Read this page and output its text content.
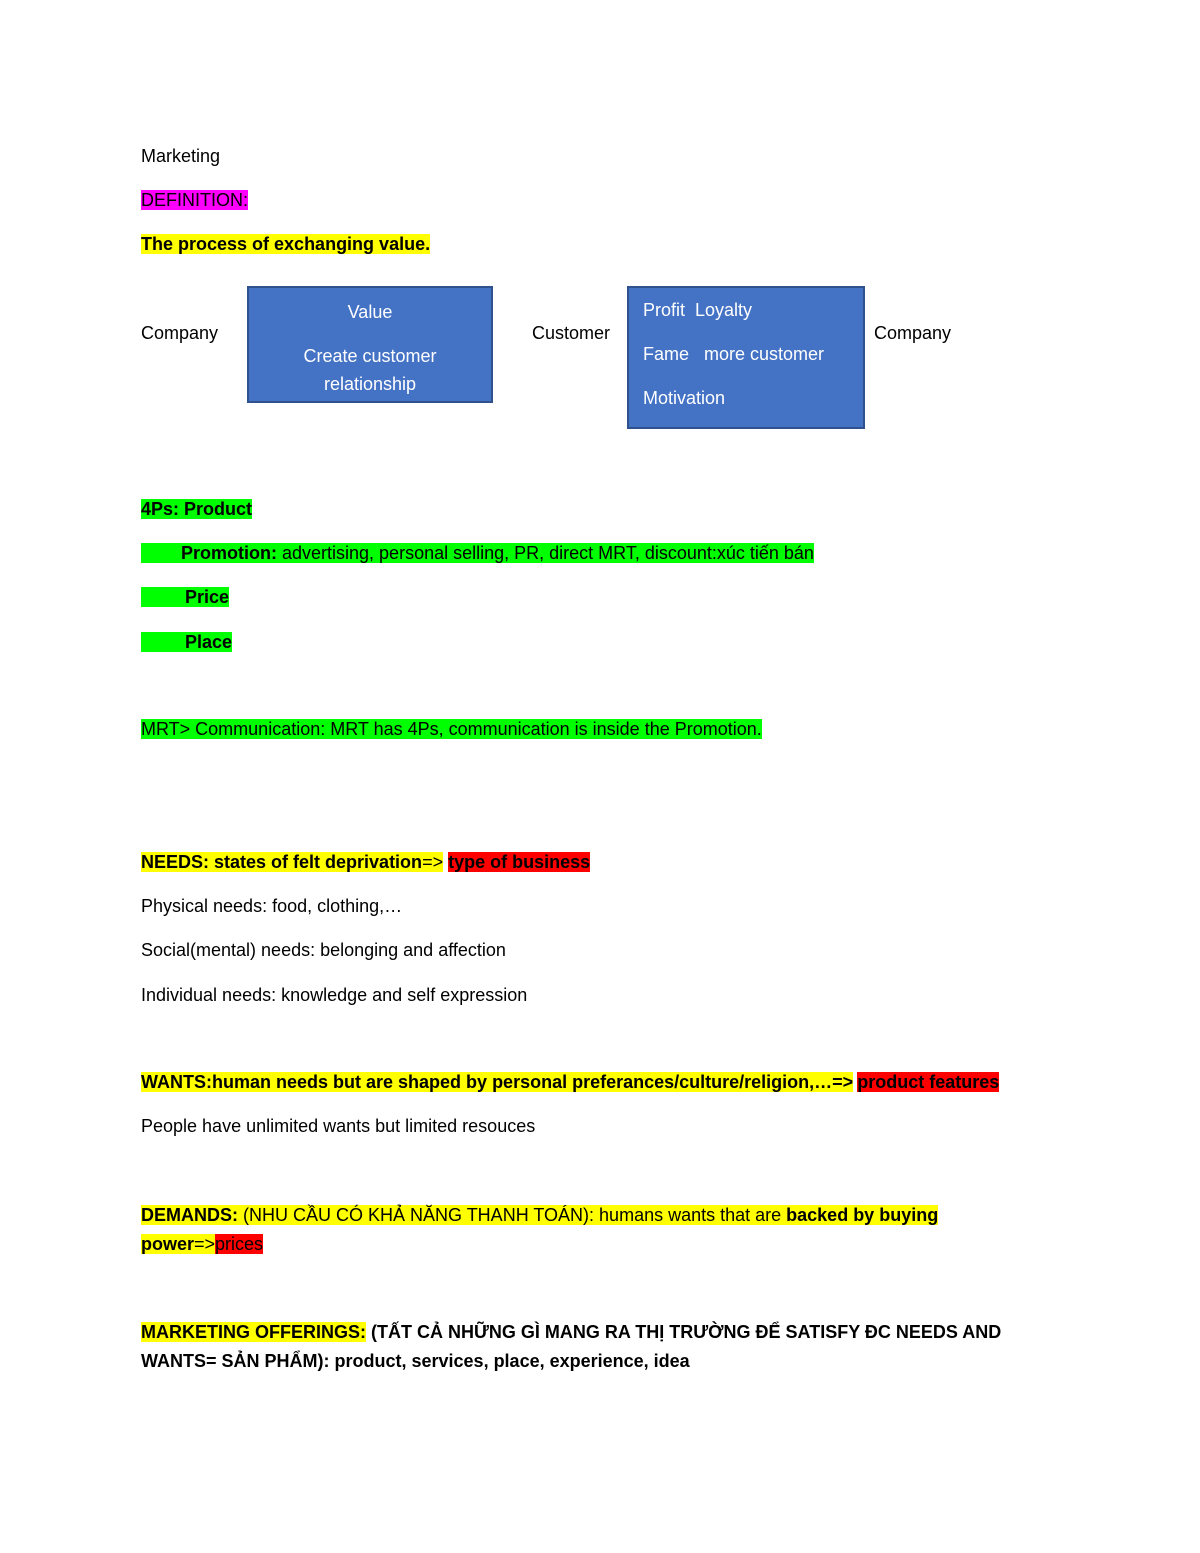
Marketing
DEFINITION:
The process of exchanging value.
Company
Value
Create customer
relationship
Customer
Profit  Loyalty
Fame   more customer
Motivation
Company
4Ps: Product
Promotion: advertising, personal selling, PR, direct MRT, discount:xúc tiến bán
Price
Place
MRT> Communication: MRT has 4Ps, communication is inside the Promotion.
NEEDS: states of felt deprivation=> type of business
Physical needs: food, clothing,…
Social(mental) needs: belonging and affection
Individual needs: knowledge and self expression
WANTS:human needs but are shaped by personal preferances/culture/religion,…=> product features
People have unlimited wants but limited resouces
DEMANDS: (NHU CẦU CÓ KHẢ NĂNG THANH TOÁN): humans wants that are backed by buying
power=>prices
MARKETING OFFERINGS: (TẤT CẢ NHỮNG GÌ MANG RA THỊ TRƯỜNG ĐỂ SATISFY ĐC NEEDS AND
WANTS= SẢN PHẨM): product, services, place, experience, idea
